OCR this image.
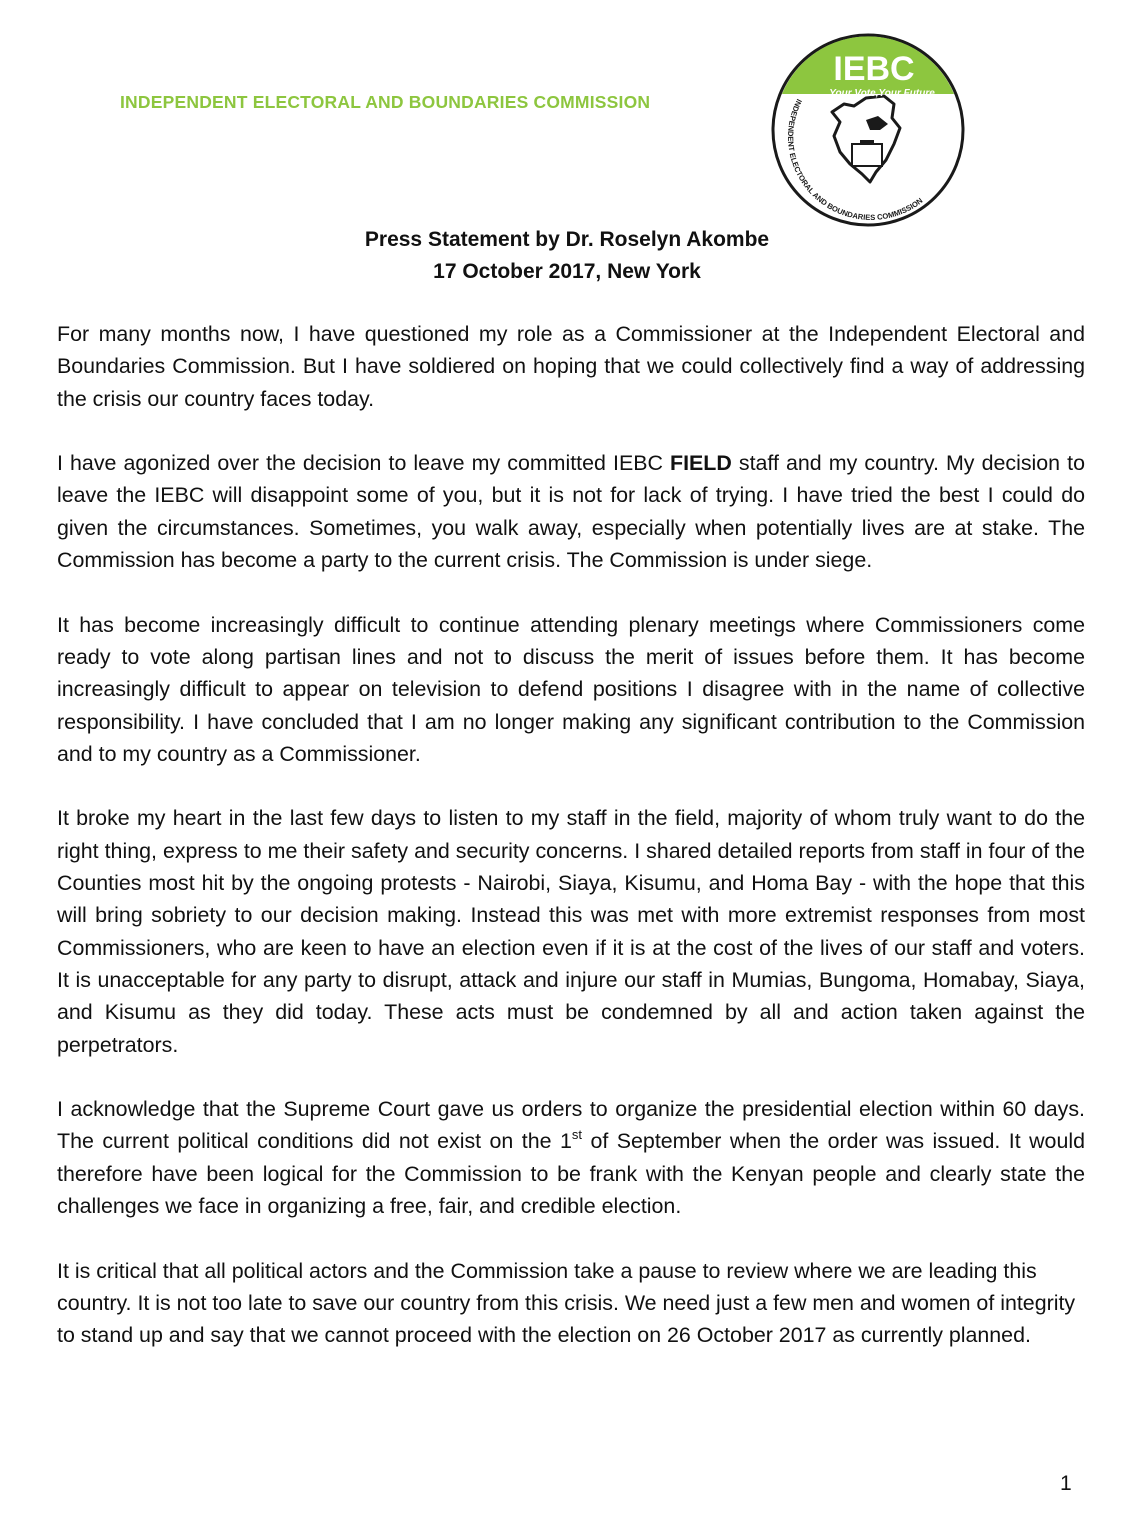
INDEPENDENT ELECTORAL AND BOUNDARIES COMMISSION
IEBC
Your Vote,Your Future
INDEPENDENT ELECTORAL AND BOUNDARIES COMMISSION
Press Statement by Dr. Roselyn Akombe
17 October 2017, New York

For many months now, I have questioned my role as a Commissioner at the Independent Electoral and Boundaries Commission. But I have soldiered on hoping that we could collectively find a way of addressing the crisis our country faces today.

I have agonized over the decision to leave my committed IEBC FIELD staff and my country. My decision to leave the IEBC will disappoint some of you, but it is not for lack of trying. I have tried the best I could do given the circumstances. Sometimes, you walk away, especially when potentially lives are at stake. The Commission has become a party to the current crisis. The Commission is under siege.

It has become increasingly difficult to continue attending plenary meetings where Commissioners come ready to vote along partisan lines and not to discuss the merit of issues before them. It has become increasingly difficult to appear on television to defend positions I disagree with in the name of collective responsibility. I have concluded that I am no longer making any significant contribution to the Commission and to my country as a Commissioner.

It broke my heart in the last few days to listen to my staff in the field, majority of whom truly want to do the right thing, express to me their safety and security concerns. I shared detailed reports from staff in four of the Counties most hit by the ongoing protests - Nairobi, Siaya, Kisumu, and Homa Bay - with the hope that this will bring sobriety to our decision making. Instead this was met with more extremist responses from most Commissioners, who are keen to have an election even if it is at the cost of the lives of our staff and voters. It is unacceptable for any party to disrupt, attack and injure our staff in Mumias, Bungoma, Homabay, Siaya, and Kisumu as they did today. These acts must be condemned by all and action taken against the perpetrators.

I acknowledge that the Supreme Court gave us orders to organize the presidential election within 60 days. The current political conditions did not exist on the 1st of September when the order was issued. It would therefore have been logical for the Commission to be frank with the Kenyan people and clearly state the challenges we face in organizing a free, fair, and credible election.

It is critical that all political actors and the Commission take a pause to review where we are leading this country. It is not too late to save our country from this crisis. We need just a few men and women of integrity to stand up and say that we cannot proceed with the election on 26 October 2017 as currently planned.

1
